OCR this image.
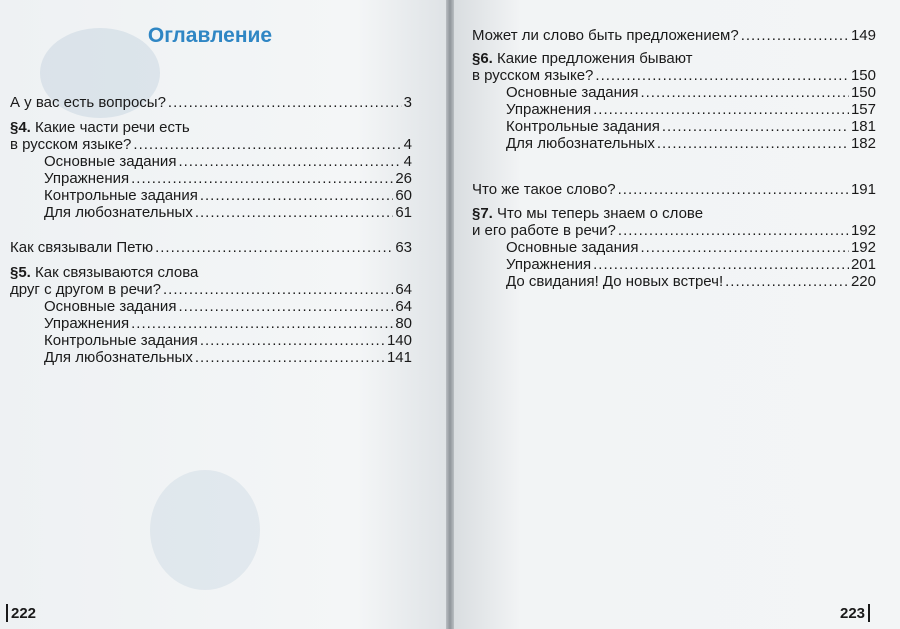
Оглавление
А у вас есть вопросы? .....	3
§4. Какие части речи есть
в русском языке? .....	4
Основные задания .....	4
Упражнения .....	26
Контрольные задания .....	60
Для любознательных .....	61
Как связывали Петю .....	63
§5. Как связываются слова
друг с другом в речи? .....	64
Основные задания .....	64
Упражнения .....	80
Контрольные задания .....	140
Для любознательных .....	141
222
Может ли слово быть предложением? .....	149
§6. Какие предложения бывают
в русском языке? .....	150
Основные задания .....	150
Упражнения .....	157
Контрольные задания .....	181
Для любознательных .....	182
Что же такое слово? .....	191
§7. Что мы теперь знаем о слове
и его работе в речи? .....	192
Основные задания .....	192
Упражнения .....	201
До свидания! До новых встреч! .....	220
223
